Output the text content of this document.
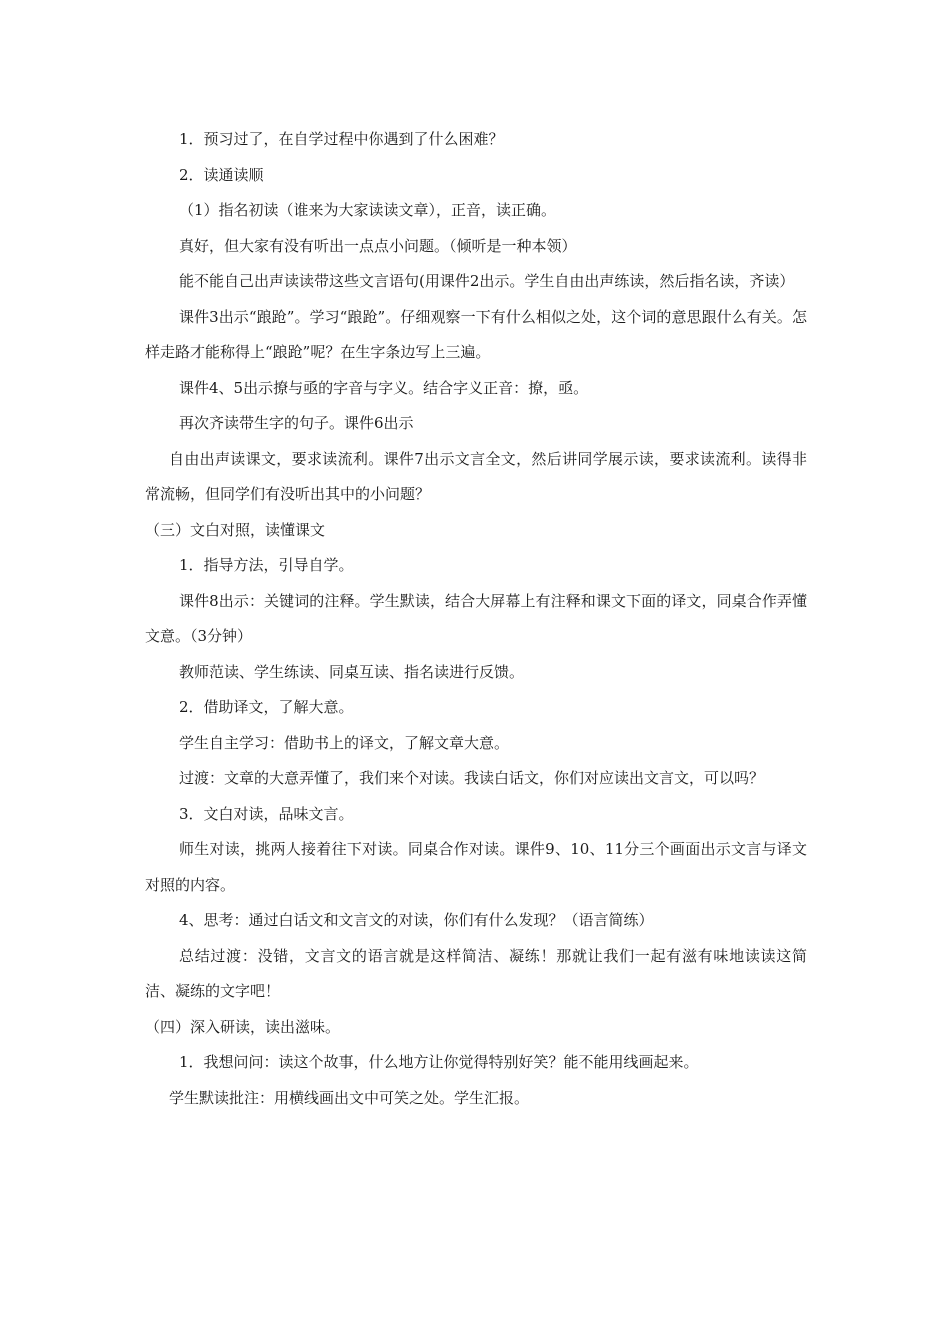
1．预习过了，在自学过程中你遇到了什么困难？
2．读通读顺
（1）指名初读（谁来为大家读读文章），正音，读正确。
真好，但大家有没有听出一点点小问题。（倾听是一种本领）
能不能自己出声读读带这些文言语句(用课件2出示。学生自由出声练读，然后指名读，齐读）
课件3出示“踉跄”。学习“踉跄”。仔细观察一下有什么相似之处，这个词的意思跟什么有关。怎样走路才能称得上“踉跄”呢？在生字条边写上三遍。
课件4、5出示撩与亟的字音与字义。结合字义正音：撩，亟。
再次齐读带生字的句子。课件6出示
自由出声读课文，要求读流利。课件7出示文言全文，然后讲同学展示读，要求读流利。读得非常流畅，但同学们有没听出其中的小问题？
（三）文白对照，读懂课文
1．指导方法，引导自学。
课件8出示：关键词的注释。学生默读，结合大屏幕上有注释和课文下面的译文，同桌合作弄懂文意。（3分钟）
教师范读、学生练读、同桌互读、指名读进行反馈。
2．借助译文，了解大意。
学生自主学习：借助书上的译文，了解文章大意。
过渡：文章的大意弄懂了，我们来个对读。我读白话文，你们对应读出文言文，可以吗？
3．文白对读，品味文言。
师生对读，挑两人接着往下对读。同桌合作对读。课件9、10、11分三个画面出示文言与译文对照的内容。
4、思考：通过白话文和文言文的对读，你们有什么发现？（语言简练）
总结过渡：没错，文言文的语言就是这样简洁、凝练！那就让我们一起有滋有味地读读这简洁、凝练的文字吧！
（四）深入研读，读出滋味。
1．我想问问：读这个故事，什么地方让你觉得特别好笑？能不能用线画起来。
学生默读批注：用横线画出文中可笑之处。学生汇报。
